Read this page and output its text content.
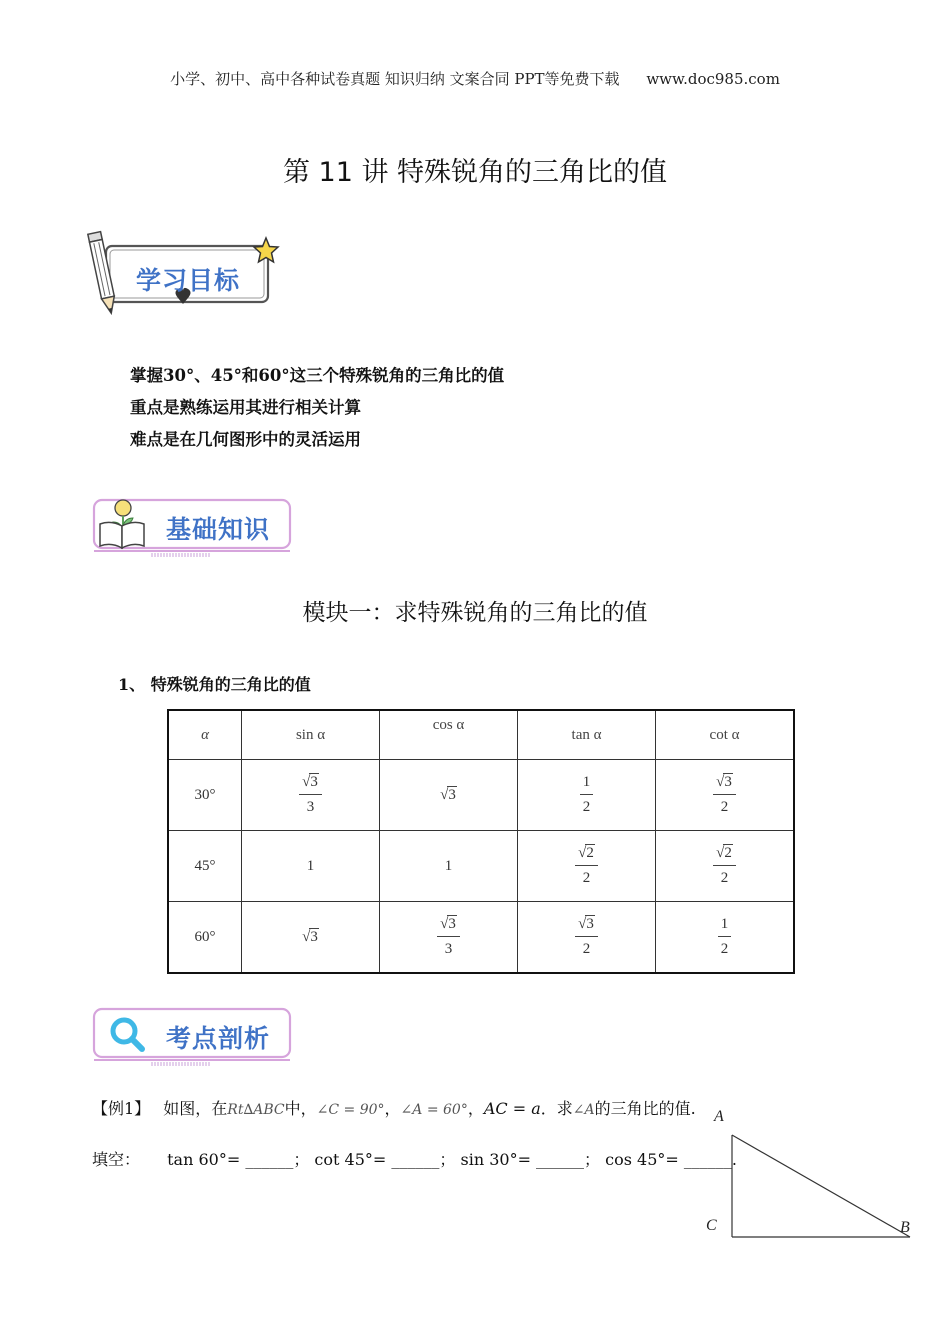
小学、初中、高中各种试卷真题 知识归纳 文案合同 PPT等免费下载 www.doc985.com
第 11 讲 特殊锐角的三角比的值
学习目标
掌握30°、45°和60°这三个特殊锐角的三角比的值
重点是熟练运用其进行相关计算
难点是在几何图形中的灵活运用
基础知识
模块一：求特殊锐角的三角比的值
1、 特殊锐角的三角比的值
α	sin α	cos α	tan α	cot α
30°	$\frac{√3}{3}$	√3	$\frac{1}{2}$	$\frac{√3}{2}$

45°	1	1	$\frac{√2}{2}$	$\frac{√2}{2}$

60°	√3	$\frac{√3}{3}$	$\frac{√3}{2}$	$\frac{1}{2}$
考点剖析
【例1】 如图，在Rt∆ABC中，∠C = 90°，∠A = 60°，AC = a．求∠A的三角比的值.
填空： tan 60°= ______； cot 45°= ______； sin 30°= ______； cos 45°= ______.
A
B
C
